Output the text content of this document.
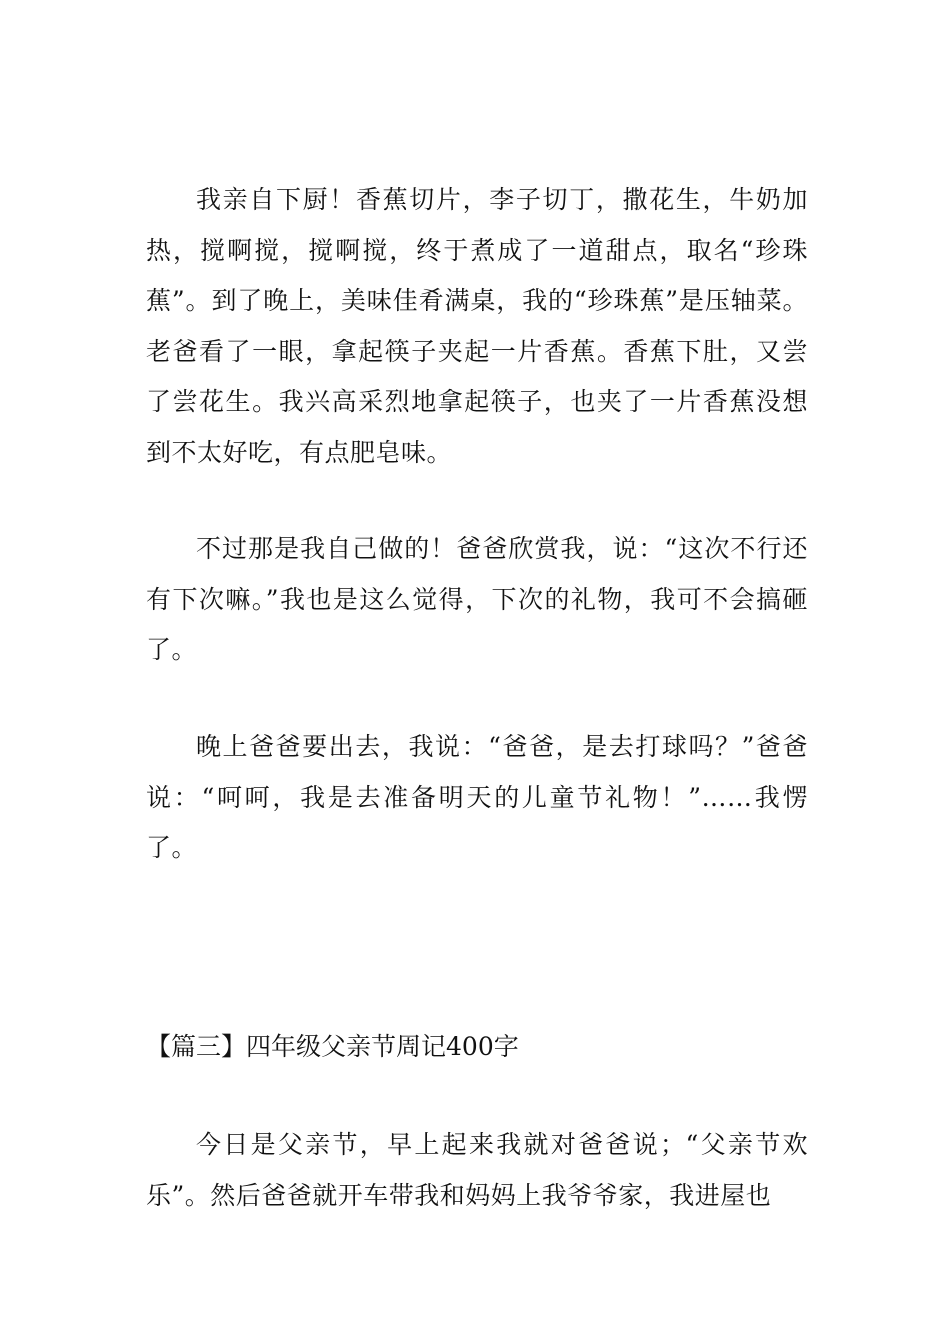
我亲自下厨！香蕉切片，李子切丁，撒花生，牛奶加热，搅啊搅，搅啊搅，终于煮成了一道甜点，取名“珍珠蕉”。到了晚上，美味佳肴满桌，我的“珍珠蕉”是压轴菜。老爸看了一眼，拿起筷子夹起一片香蕉。香蕉下肚，又尝了尝花生。我兴高采烈地拿起筷子，也夹了一片香蕉没想到不太好吃，有点肥皂味。

不过那是我自己做的！爸爸欣赏我，说：“这次不行还有下次嘛。”我也是这么觉得，下次的礼物，我可不会搞砸了。

晚上爸爸要出去，我说：“爸爸，是去打球吗？”爸爸说：“呵呵，我是去准备明天的儿童节礼物！”……我愣了。

【篇三】四年级父亲节周记400字

今日是父亲节，早上起来我就对爸爸说；“父亲节欢乐”。然后爸爸就开车带我和妈妈上我爷爷家，我进屋也
